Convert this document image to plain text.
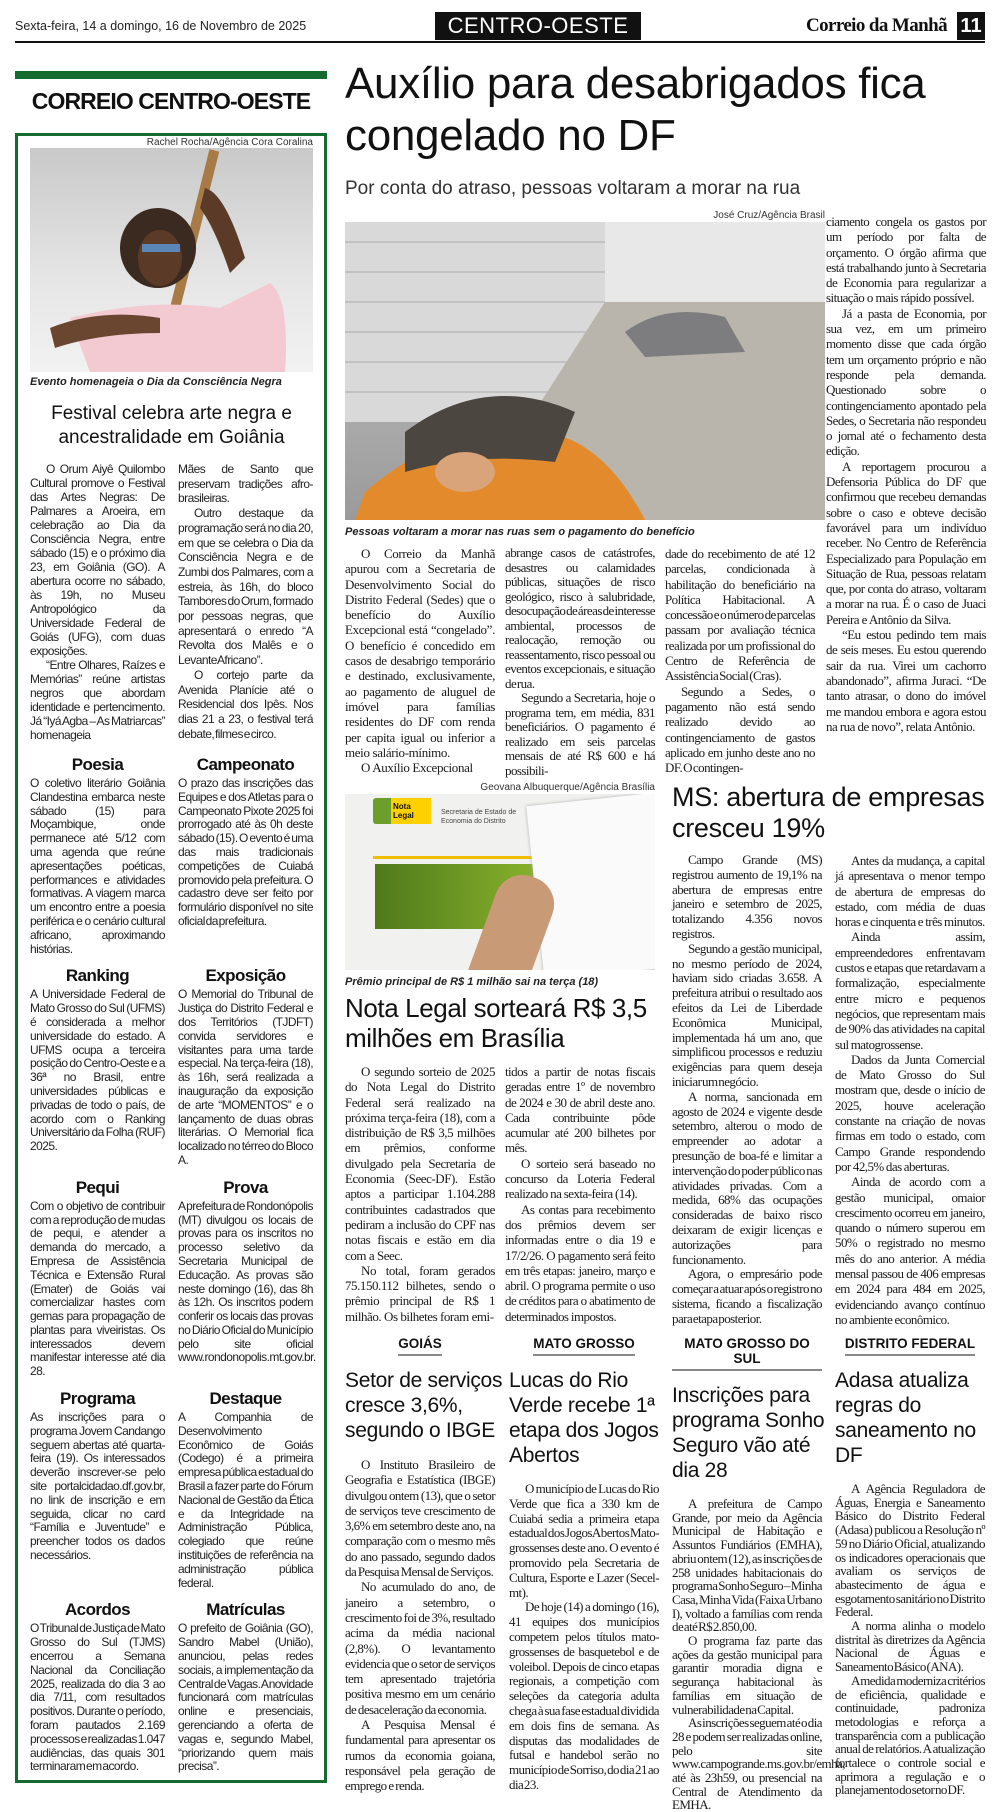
Sexta-feira, 14 a domingo, 16 de Novembro de 2025	CENTRO-OESTE	Correio da Manhã 11
CORREIO CENTRO-OESTE
Rachel Rocha/Agência Cora Coralina
Evento homenageia o Dia da Consciência Negra
Festival celebra arte negra e ancestralidade em Goiânia

O Orum Aiyê Quilombo Cultural promove o Festival das Artes Negras: De Palmares a Aroeira, em celebração ao Dia da Consciência Negra, entre sábado (15) e o próximo dia 23, em Goiânia (GO). A abertura ocorre no sábado, às 19h, no Museu Antropológico da Universidade Federal de Goiás (UFG), com duas exposições.

“Entre Olhares, Raízes e Memórias” reúne artistas negros que abordam identidade e pertencimento. Já “Iyá Agba – As Matriarcas” homenageia

Mães de Santo que preservam tradições afro-brasileiras.

Outro destaque da programação será no dia 20, em que se celebra o Dia da Consciência Negra e de Zumbi dos Palmares, com a estreia, às 16h, do bloco Tambores do Orum, formado por pessoas negras, que apresentará o enredo “A Revolta dos Malês e o Levante Africano”.

O cortejo parte da Avenida Planície até o Residencial dos Ipês. Nos dias 21 a 23, o festival terá debate, filmes e circo.

Poesia

O coletivo literário Goiânia Clandestina embarca neste sábado (15) para Moçambique, onde permanece até 5/12 com uma agenda que reúne apresentações poéticas, performances e atividades formativas. A viagem marca um encontro entre a poesia periférica e o cenário cultural africano, aproximando histórias.

Campeonato

O prazo das inscrições das Equipes e dos Atletas para o Campeonato Pixote 2025 foi prorrogado até às 0h deste sábado (15). O evento é uma das mais tradicionais competições de Cuiabá promovido pela prefeitura. O cadastro deve ser feito por formulário disponível no site oficial da prefeitura.

Ranking

A Universidade Federal de Mato Grosso do Sul (UFMS) é considerada a melhor universidade do estado. A UFMS ocupa a terceira posição do Centro-Oeste e a 36ª no Brasil, entre universidades públicas e privadas de todo o país, de acordo com o Ranking Universitário da Folha (RUF) 2025.

Exposição

O Memorial do Tribunal de Justiça do Distrito Federal e dos Territórios (TJDFT) convida servidores e visitantes para uma tarde especial. Na terça-feira (18), às 16h, será realizada a inauguração da exposição de arte “MOMENTOS” e o lançamento de duas obras literárias. O Memorial fica localizado no térreo do Bloco A.

Pequi

Com o objetivo de contribuir com a reprodução de mudas de pequi, e atender a demanda do mercado, a Empresa de Assistência Técnica e Extensão Rural (Emater) de Goiás vai comercializar hastes com gemas para propagação de plantas para viveiristas. Os interessados devem manifestar interesse até dia 28.

Prova

A prefeitura de Rondonópolis (MT) divulgou os locais de provas para os inscritos no processo seletivo da Secretaria Municipal de Educação. As provas são neste domingo (16), das 8h às 12h. Os inscritos podem conferir os locais das provas no Diário Oficial do Município pelo site oficial www.rondonopolis.mt.gov.br.

Programa

As inscrições para o programa Jovem Candango seguem abertas até quarta-feira (19). Os interessados deverão inscrever-se pelo site portalcidadao.df.gov.br, no link de inscrição e em seguida, clicar no card “Família e Juventude” e preencher todos os dados necessários.

Destaque

A Companhia de Desenvolvimento Econômico de Goiás (Codego) é a primeira empresa pública estadual do Brasil a fazer parte do Fórum Nacional de Gestão da Ética e da Integridade na Administração Pública, colegiado que reúne instituições de referência na administração pública federal.

Acordos

O Tribunal de Justiça de Mato Grosso do Sul (TJMS) encerrou a Semana Nacional da Conciliação 2025, realizada do dia 3 ao dia 7/11, com resultados positivos. Durante o período, foram pautados 2.169 processos e realizadas 1.047 audiências, das quais 301 terminaram em acordo.

Matrículas

O prefeito de Goiânia (GO), Sandro Mabel (União), anunciou, pelas redes sociais, a implementação da Central de Vagas. A novidade funcionará com matrículas online e presenciais, gerenciando a oferta de vagas e, segundo Mabel, “priorizando quem mais precisa”.

Auxílio para desabrigados fica congelado no DF
Por conta do atraso, pessoas voltaram a morar na rua
José Cruz/Agência Brasil
Pessoas voltaram a morar nas ruas sem o pagamento do benefício

O Correio da Manhã apurou com a Secretaria de Desenvolvimento Social do Distrito Federal (Sedes) que o benefício do Auxílio Excepcional está “congelado”. O benefício é concedido em casos de desabrigo temporário e destinado, exclusivamente, ao pagamento de aluguel de imóvel para famílias residentes do DF com renda per capita igual ou inferior a meio salário-mínimo.

O Auxílio Excepcional

abrange casos de catástrofes, desastres ou calamidades públicas, situações de risco geológico, risco à salubridade, desocupação de áreas de interesse ambiental, processos de realocação, remoção ou reassentamento, risco pessoal ou eventos excepcionais, e situação de rua.

Segundo a Secretaria, hoje o programa tem, em média, 831 beneficiários. O pagamento é realizado em seis parcelas mensais de até R$ 600 e há possibili-

dade do recebimento de até 12 parcelas, condicionada à habilitação do beneficiário na Política Habitacional. A concessão e o número de parcelas passam por avaliação técnica realizada por um profissional do Centro de Referência de Assistência Social (Cras).

Segundo a Sedes, o pagamento não está sendo realizado devido ao contingenciamento de gastos aplicado em junho deste ano no DF. O contingen-

ciamento congela os gastos por um período por falta de orçamento. O órgão afirma que está trabalhando junto à Secretaria de Economia para regularizar a situação o mais rápido possível.

Já a pasta de Economia, por sua vez, em um primeiro momento disse que cada órgão tem um orçamento próprio e não responde pela demanda. Questionado sobre o contingenciamento apontado pela Sedes, o Secretaria não respondeu o jornal até o fechamento desta edição.

A reportagem procurou a Defensoria Pública do DF que confirmou que recebeu demandas sobre o caso e obteve decisão favorável para um indivíduo receber. No Centro de Referência Especializado para População em Situação de Rua, pessoas relatam que, por conta do atraso, voltaram a morar na rua. É o caso de Juaci Pereira e Antônio da Silva.

“Eu estou pedindo tem mais de seis meses. Eu estou querendo sair da rua. Virei um cachorro abandonado”, afirma Juraci. “De tanto atrasar, o dono do imóvel me mandou embora e agora estou na rua de novo”, relata Antônio.

Geovana Albuquerque/Agência Brasília
Nota Legal	Secretaria de Estado de Economia do Distrito
Prêmio principal de R$ 1 milhão sai na terça (18)
Nota Legal sorteará R$ 3,5 milhões em Brasília

O segundo sorteio de 2025 do Nota Legal do Distrito Federal será realizado na próxima terça-feira (18), com a distribuição de R$ 3,5 milhões em prêmios, conforme divulgado pela Secretaria de Economia (Seec-DF). Estão aptos a participar 1.104.288 contribuintes cadastrados que pediram a inclusão do CPF nas notas fiscais e estão em dia com a Seec.

No total, foram gerados 75.150.112 bilhetes, sendo o prêmio principal de R$ 1 milhão. Os bilhetes foram emi-

tidos a partir de notas fiscais geradas entre 1º de novembro de 2024 e 30 de abril deste ano. Cada contribuinte pôde acumular até 200 bilhetes por mês.

O sorteio será baseado no concurso da Loteria Federal realizado na sexta-feira (14).

As contas para recebimento dos prêmios devem ser informadas entre o dia 19 e 17/2/26. O pagamento será feito em três etapas: janeiro, março e abril. O programa permite o uso de créditos para o abatimento de determinados impostos.

MS: abertura de empresas cresceu 19%

Campo Grande (MS) registrou aumento de 19,1% na abertura de empresas entre janeiro e setembro de 2025, totalizando 4.356 novos registros.

Segundo a gestão municipal, no mesmo período de 2024, haviam sido criadas 3.658. A prefeitura atribui o resultado aos efeitos da Lei de Liberdade Econômica Municipal, implementada há um ano, que simplificou processos e reduziu exigências para quem deseja iniciar um negócio.

A norma, sancionada em agosto de 2024 e vigente desde setembro, alterou o modo de empreender ao adotar a presunção de boa-fé e limitar a intervenção do poder público nas atividades privadas. Com a medida, 68% das ocupações consideradas de baixo risco deixaram de exigir licenças e autorizações para funcionamento.

Agora, o empresário pode começar a atuar após o registro no sistema, ficando a fiscalização para etapa posterior.

Antes da mudança, a capital já apresentava o menor tempo de abertura de empresas do estado, com média de duas horas e cinquenta e três minutos.

Ainda assim, empreendedores enfrentavam custos e etapas que retardavam a formalização, especialmente entre micro e pequenos negócios, que representam mais de 90% das atividades na capital sul matogrossense.

Dados da Junta Comercial de Mato Grosso do Sul mostram que, desde o início de 2025, houve aceleração constante na criação de novas firmas em todo o estado, com Campo Grande respondendo por 42,5% das aberturas.

Ainda de acordo com a gestão municipal, omaior crescimento ocorreu em janeiro, quando o número superou em 50% o registrado no mesmo mês do ano anterior. A média mensal passou de 406 empresas em 2024 para 484 em 2025, evidenciando avanço contínuo no ambiente econômico.

GOIÁS
Setor de serviços cresce 3,6%, segundo o IBGE

O Instituto Brasileiro de Geografia e Estatística (IBGE) divulgou ontem (13), que o setor de serviços teve crescimento de 3,6% em setembro deste ano, na comparação com o mesmo mês do ano passado, segundo dados da Pesquisa Mensal de Serviços.

No acumulado do ano, de janeiro a setembro, o crescimento foi de 3%, resultado acima da média nacional (2,8%). O levantamento evidencia que o setor de serviços tem apresentado trajetória positiva mesmo em um cenário de desaceleração da economia.

A Pesquisa Mensal é fundamental para apresentar os rumos da economia goiana, responsável pela geração de emprego e renda.

MATO GROSSO
Lucas do Rio Verde recebe 1ª etapa dos Jogos Abertos

O município de Lucas do Rio Verde que fica a 330 km de Cuiabá sedia a primeira etapa estadual dos Jogos Abertos Mato-grossenses deste ano. O evento é promovido pela Secretaria de Cultura, Esporte e Lazer (Secel-mt).

De hoje (14) a domingo (16), 41 equipes dos municípios competem pelos títulos mato-grossenses de basquetebol e de voleibol. Depois de cinco etapas regionais, a competição com seleções da categoria adulta chega à sua fase estadual dividida em dois fins de semana. As disputas das modalidades de futsal e handebol serão no município de Sorriso, do dia 21 ao dia 23.

MATO GROSSO DO SUL
Inscrições para programa Sonho Seguro vão até dia 28

A prefeitura de Campo Grande, por meio da Agência Municipal de Habitação e Assuntos Fundiários (EMHA), abriu ontem (12), as inscrições de 258 unidades habitacionais do programa Sonho Seguro – Minha Casa, Minha Vida (Faixa Urbano I), voltado a famílias com renda de até R$ 2.850,00.

O programa faz parte das ações da gestão municipal para garantir moradia digna e segurança habitacional às famílias em situação de vulnerabilidade na Capital.

As inscrições seguem até o dia 28 e podem ser realizadas online, pelo site www.campogrande.ms.gov.br/emha, até às 23h59, ou presencial na Central de Atendimento da EMHA.

DISTRITO FEDERAL
Adasa atualiza regras do saneamento no DF

A Agência Reguladora de Águas, Energia e Saneamento Básico do Distrito Federal (Adasa) publicou a Resolução nº 59 no Diário Oficial, atualizando os indicadores operacionais que avaliam os serviços de abastecimento de água e esgotamento sanitário no Distrito Federal.

A norma alinha o modelo distrital às diretrizes da Agência Nacional de Águas e Saneamento Básico (ANA).

A medida moderniza critérios de eficiência, qualidade e continuidade, padroniza metodologias e reforça a transparência com a publicação anual de relatórios. A atualização fortalece o controle social e aprimora a regulação e o planejamento do setor no DF.
